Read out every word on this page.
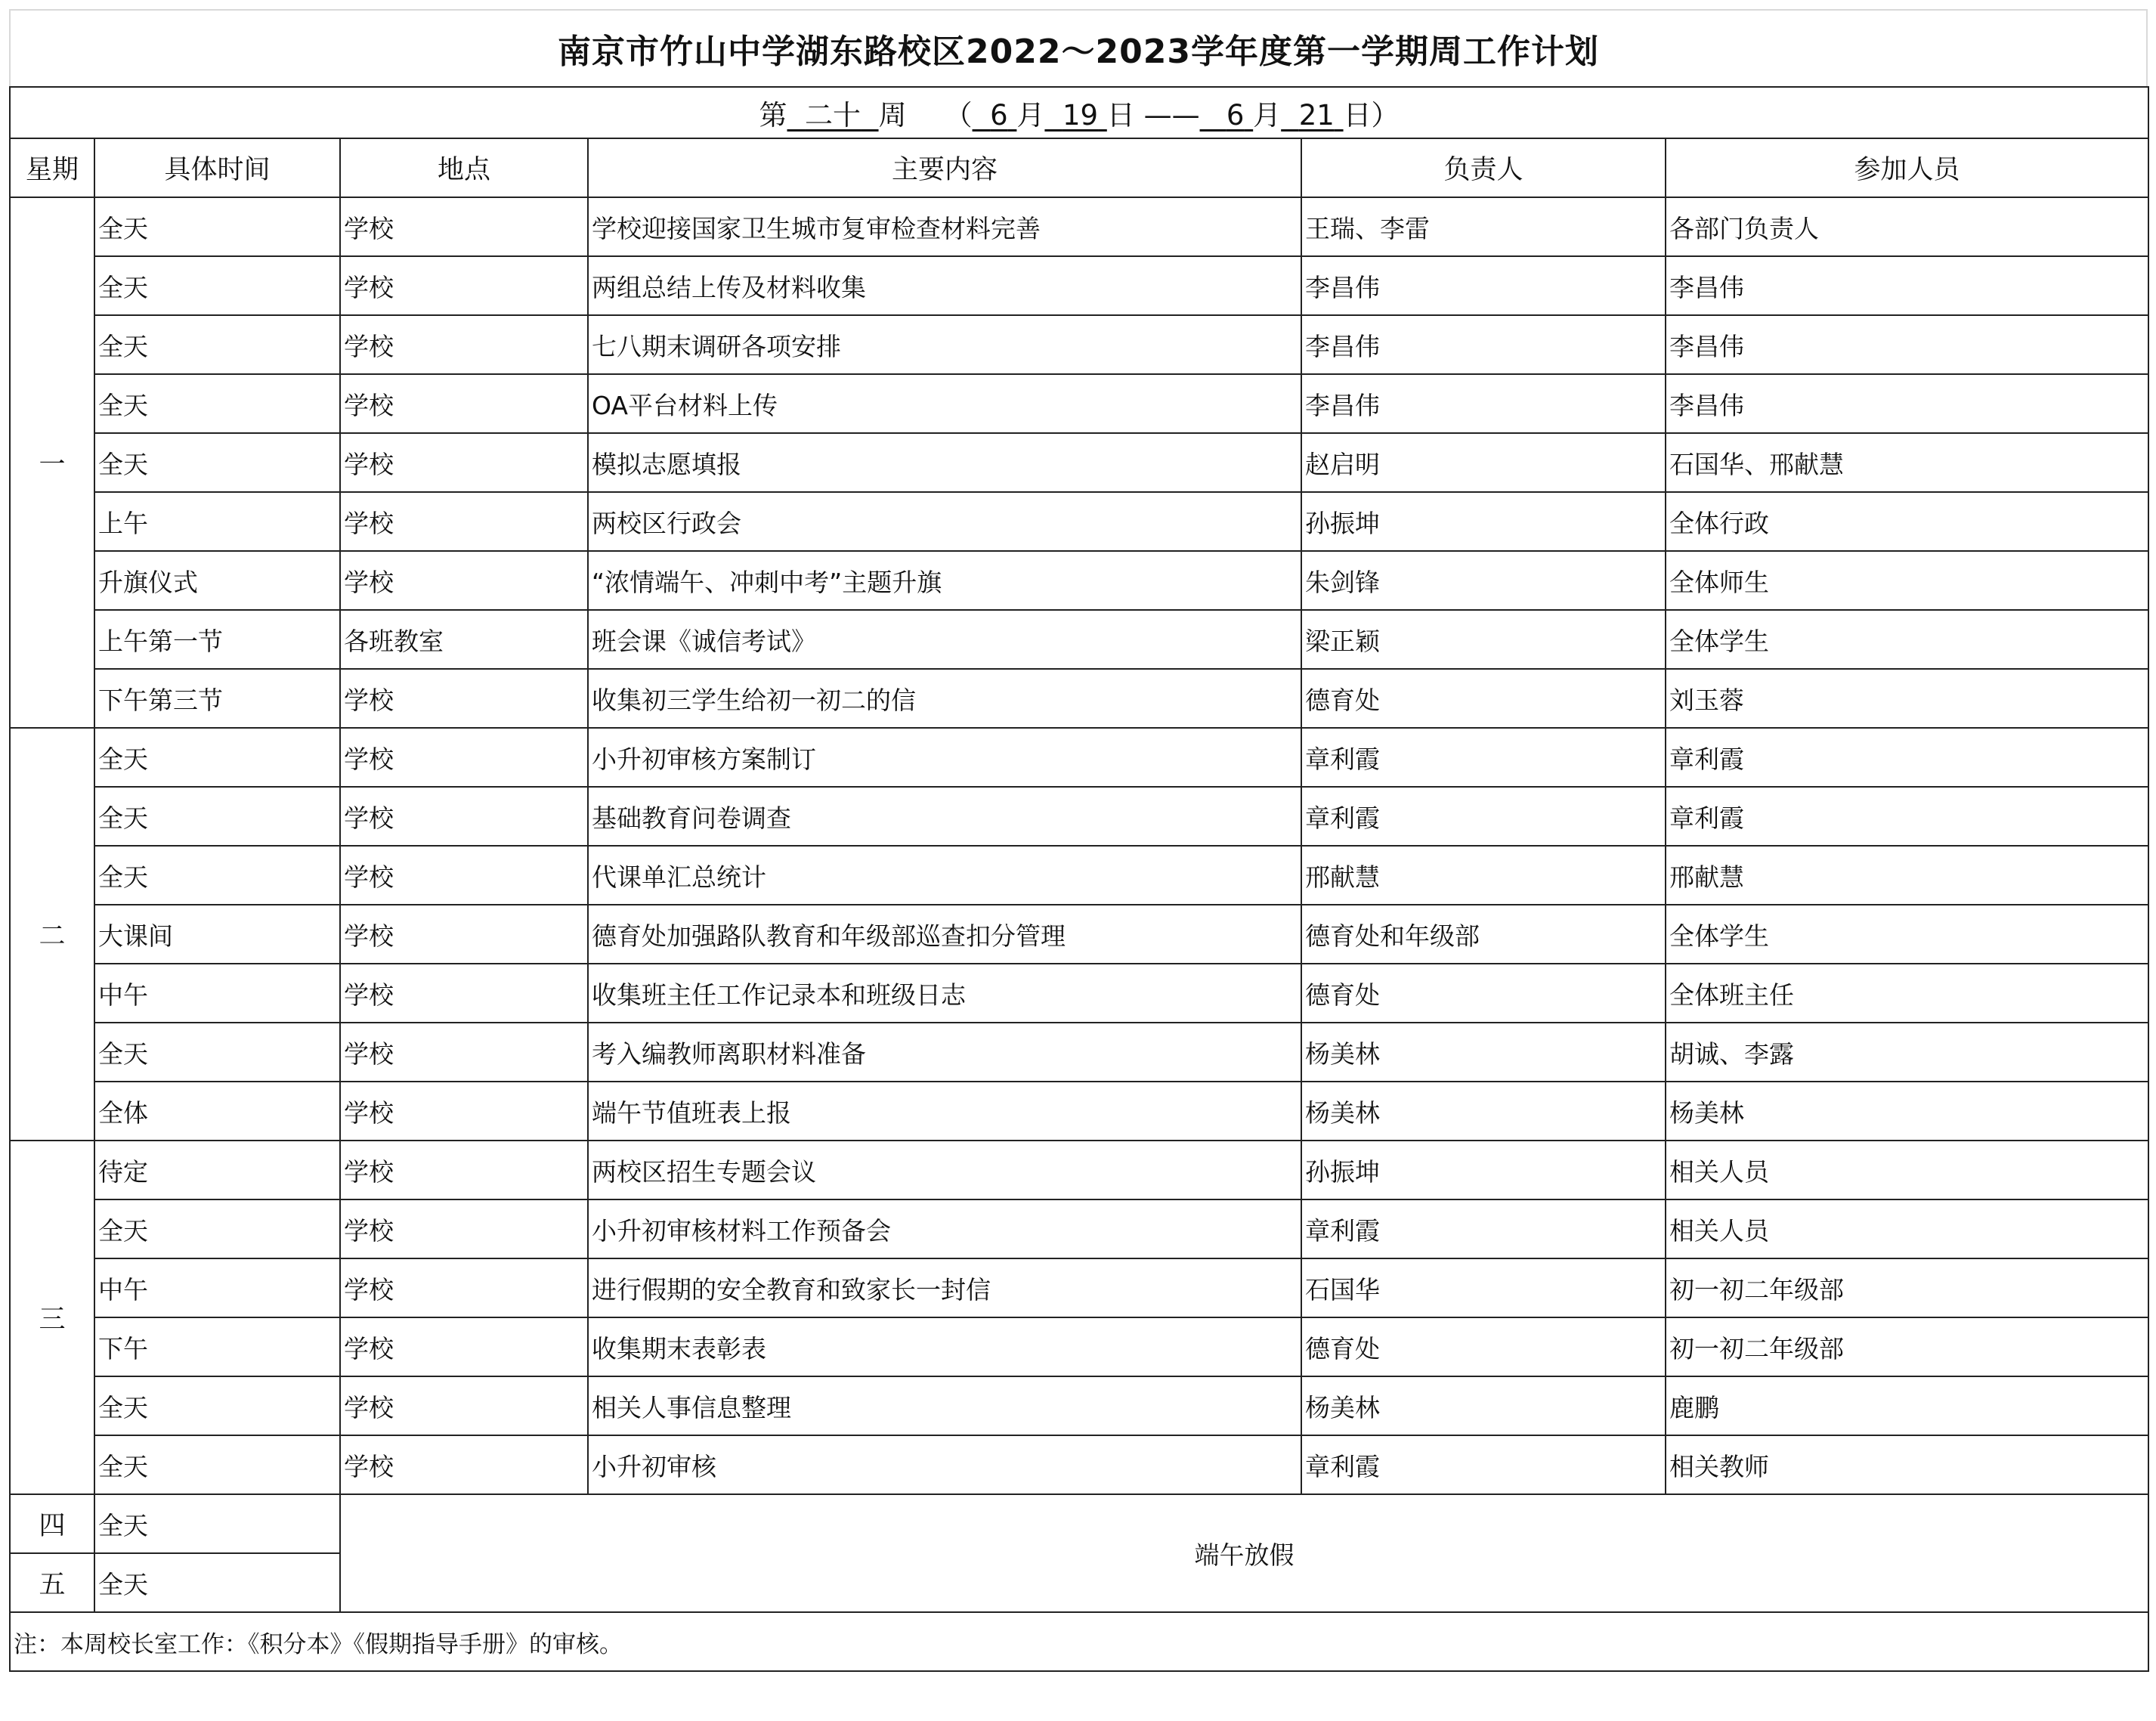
南京市竹山中学湖东路校区2022～2023学年度第一学期周工作计划
第 二十 周 （ 6 月 19 日 —— 6 月 21 日）					
星期	具体时间	地点	主要内容	负责人	参加人员
一	全天	学校	学校迎接国家卫生城市复审检查材料完善	王瑞、李雷	各部门负责人
	全天	学校	两组总结上传及材料收集	李昌伟	李昌伟
	全天	学校	七八期末调研各项安排	李昌伟	李昌伟
	全天	学校	OA平台材料上传	李昌伟	李昌伟
	全天	学校	模拟志愿填报	赵启明	石国华、邢献慧
	上午	学校	两校区行政会	孙振坤	全体行政
	升旗仪式	学校	“浓情端午、冲刺中考”主题升旗	朱剑锋	全体师生
	上午第一节	各班教室	班会课《诚信考试》	梁正颖	全体学生
	下午第三节	学校	收集初三学生给初一初二的信	德育处	刘玉蓉
二	全天	学校	小升初审核方案制订	章利霞	章利霞
	全天	学校	基础教育问卷调查	章利霞	章利霞
	全天	学校	代课单汇总统计	邢献慧	邢献慧
	大课间	学校	德育处加强路队教育和年级部巡查扣分管理	德育处和年级部	全体学生
	中午	学校	收集班主任工作记录本和班级日志	德育处	全体班主任
	全天	学校	考入编教师离职材料准备	杨美林	胡诚、李露
	全体	学校	端午节值班表上报	杨美林	杨美林
三	待定	学校	两校区招生专题会议	孙振坤	相关人员
	全天	学校	小升初审核材料工作预备会	章利霞	相关人员
	中午	学校	进行假期的安全教育和致家长一封信	石国华	初一初二年级部
	下午	学校	收集期末表彰表	德育处	初一初二年级部
	全天	学校	相关人事信息整理	杨美林	鹿鹏
	全天	学校	小升初审核	章利霞	相关教师
四	全天	端午放假			
五	全天				
注：本周校长室工作：《积分本》《假期指导手册》的审核。					
